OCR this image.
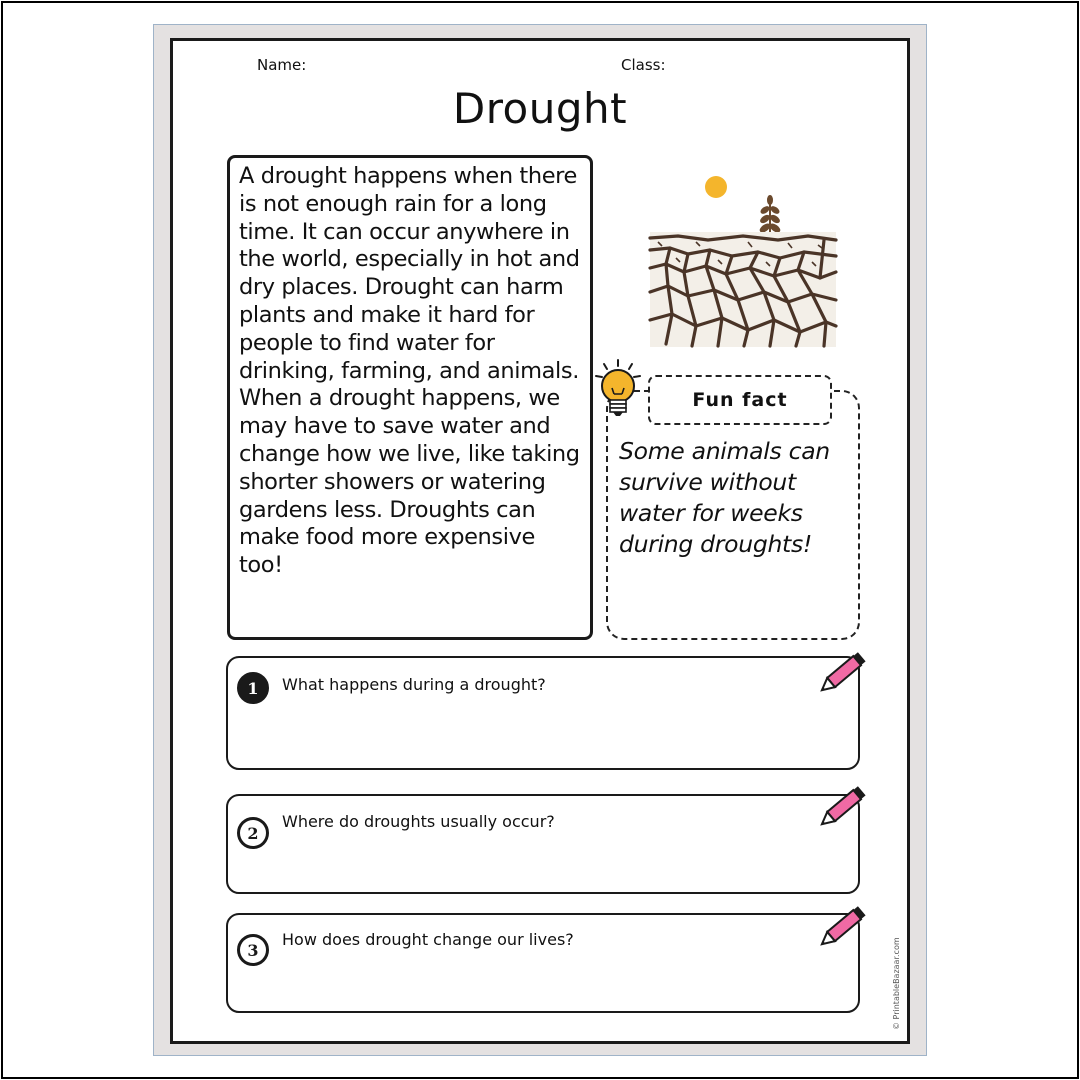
Name:	Class:
Drought

A drought happens when there is not enough rain for a long time. It can occur anywhere in the world, especially in hot and dry places. Drought can harm plants and make it hard for people to find water for drinking, farming, and animals. When a drought happens, we may have to save water and change how we live, like taking shorter showers or watering gardens less. Droughts can make food more expensive too!

Fun fact
Some animals can survive without water for weeks during droughts!
1	What happens during a drought?
2
Where do droughts usually occur?
3
How does drought change our lives?	© PrintableBazaar.com
